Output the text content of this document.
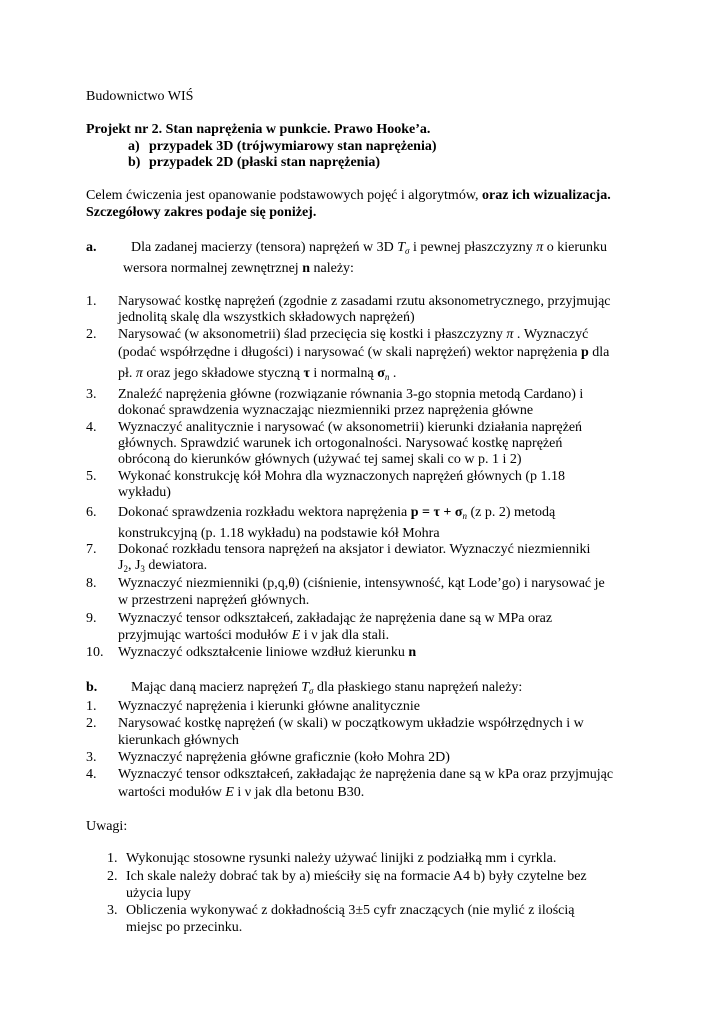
Budownictwo WIŚ
Projekt nr 2. Stan naprężenia w punkcie. Prawo Hooke’a.
a) przypadek 3D (trójwymiarowy stan naprężenia)
b) przypadek 2D (płaski stan naprężenia)
Celem ćwiczenia jest opanowanie podstawowych pojęć i algorytmów, oraz ich wizualizacja.
Szczegółowy zakres podaje się poniżej.
a. Dla zadanej macierzy (tensora) naprężeń w 3D $T_\sigma$ i pewnej płaszczyzny π o kierunku
wersora normalnej zewnętrznej n należy:
1. Narysować kostkę naprężeń (zgodnie z zasadami rzutu aksonometrycznego, przyjmując
jednolitą skalę dla wszystkich składowych naprężeń)
2. Narysować (w aksonometrii) ślad przecięcia się kostki i płaszczyzny π . Wyznaczyć
(podać współrzędne i długości) i narysować (w skali naprężeń) wektor naprężenia p dla
pł. π oraz jego składowe styczną τ i normalną $\sigma_n$ .
3. Znaleźć naprężenia główne (rozwiązanie równania 3-go stopnia metodą Cardano) i
dokonać sprawdzenia wyznaczając niezmienniki przez naprężenia główne
4. Wyznaczyć analitycznie i narysować (w aksonometrii) kierunki działania naprężeń
głównych. Sprawdzić warunek ich ortogonalności. Narysować kostkę naprężeń
obróconą do kierunków głównych (używać tej samej skali co w p. 1 i 2)
5. Wykonać konstrukcję kół Mohra dla wyznaczonych naprężeń głównych (p 1.18
wykładu)
6. Dokonać sprawdzenia rozkładu wektora naprężenia $p = \tau + \sigma_n$ (z p. 2) metodą
konstrukcyjną (p. 1.18 wykładu) na podstawie kół Mohra
7. Dokonać rozkładu tensora naprężeń na aksjator i dewiator. Wyznaczyć niezmienniki
$J_2$, $J_3$ dewiatora.
8. Wyznaczyć niezmienniki (p,q,θ) (ciśnienie, intensywność, kąt Lode’go) i narysować je
w przestrzeni naprężeń głównych.
9. Wyznaczyć tensor odkształceń, zakładając że naprężenia dane są w MPa oraz
przyjmując wartości modułów E i ν jak dla stali.
10. Wyznaczyć odkształcenie liniowe wzdłuż kierunku n
b. Mając daną macierz naprężeń $T_\sigma$ dla płaskiego stanu naprężeń należy:
1. Wyznaczyć naprężenia i kierunki główne analitycznie
2. Narysować kostkę naprężeń (w skali) w początkowym układzie współrzędnych i w
kierunkach głównych
3. Wyznaczyć naprężenia główne graficznie (koło Mohra 2D)
4. Wyznaczyć tensor odkształceń, zakładając że naprężenia dane są w kPa oraz przyjmując
wartości modułów E i ν jak dla betonu B30.
Uwagi:
1. Wykonując stosowne rysunki należy używać linijki z podziałką mm i cyrkla.
2. Ich skale należy dobrać tak by a) mieściły się na formacie A4 b) były czytelne bez
użycia lupy
3. Obliczenia wykonywać z dokładnością 3±5 cyfr znaczących (nie mylić z ilością
miejsc po przecinku.
